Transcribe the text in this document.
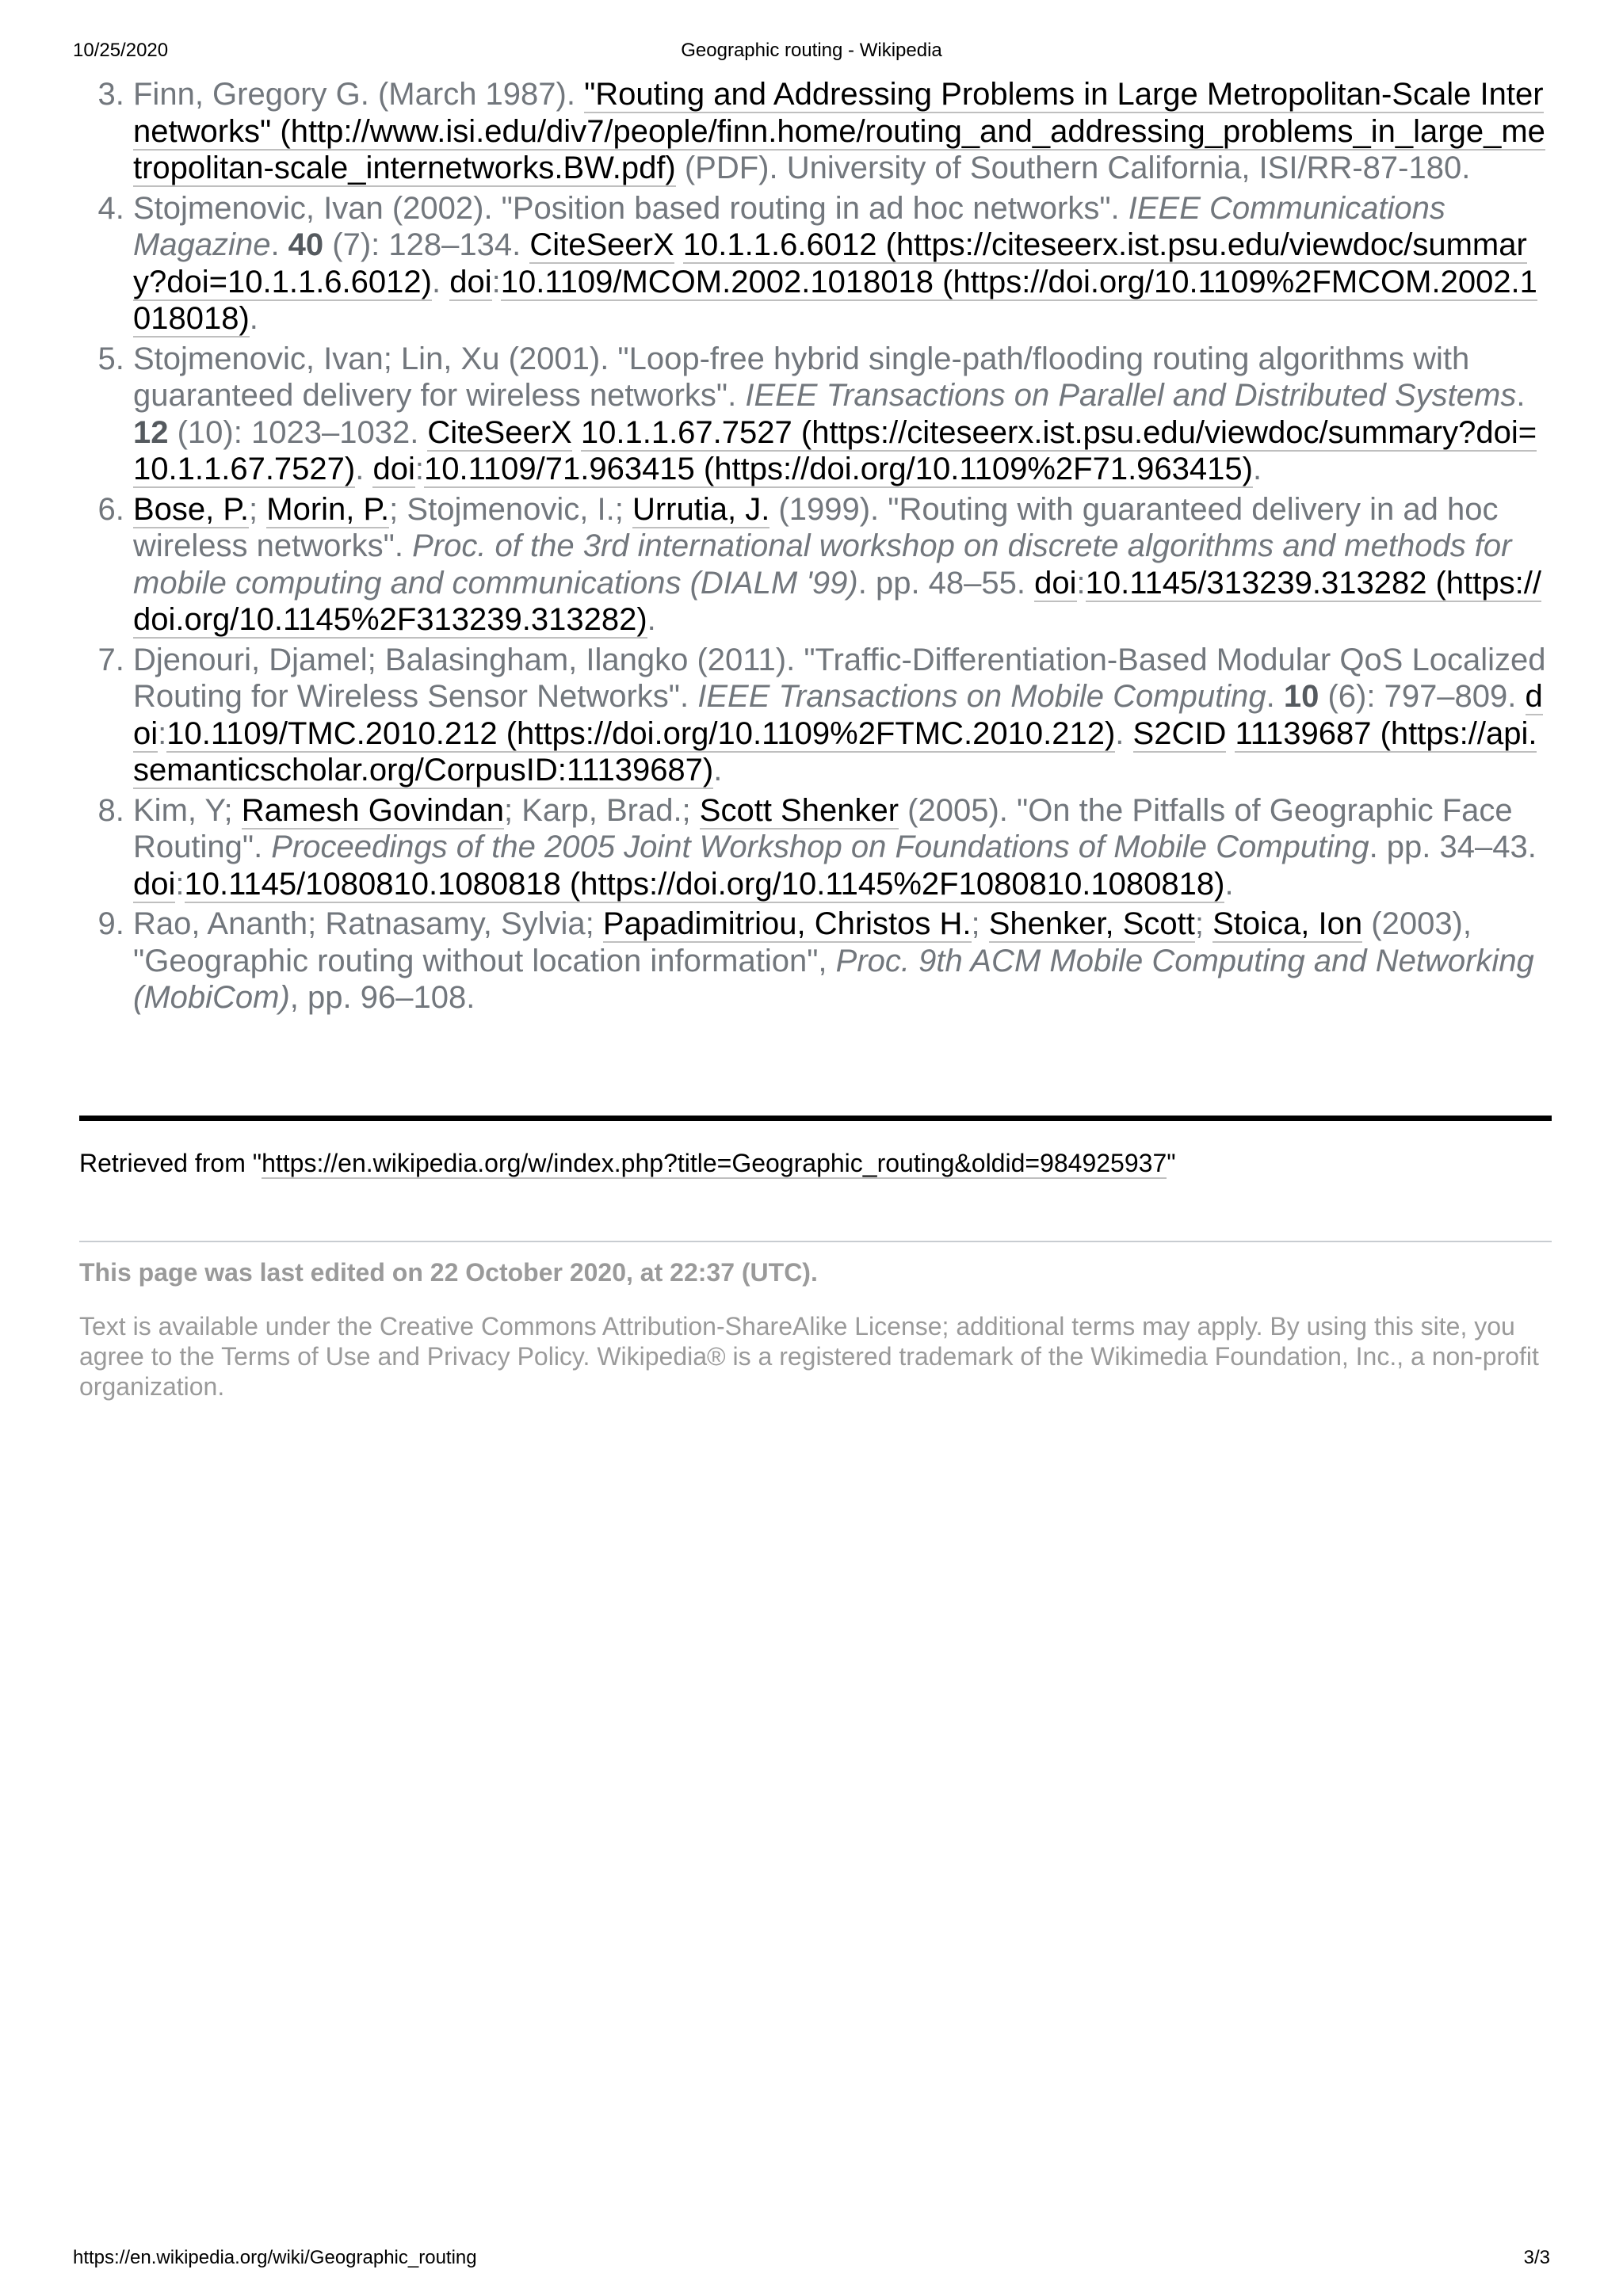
10/25/2020	Geographic routing - Wikipedia
3. Finn, Gregory G. (March 1987). "Routing and Addressing Problems in Large Metropolitan-Scale Internetworks" (http://www.isi.edu/div7/people/finn.home/routing_and_addressing_problems_in_large_metropolitan-scale_internetworks.BW.pdf) (PDF). University of Southern California, ISI/RR-87-180.
4. Stojmenovic, Ivan (2002). "Position based routing in ad hoc networks". IEEE Communications Magazine. 40 (7): 128–134. CiteSeerX 10.1.1.6.6012 (https://citeseerx.ist.psu.edu/viewdoc/summary?doi=10.1.1.6.6012). doi:10.1109/MCOM.2002.1018018 (https://doi.org/10.1109%2FMCOM.2002.1018018).
5. Stojmenovic, Ivan; Lin, Xu (2001). "Loop-free hybrid single-path/flooding routing algorithms with guaranteed delivery for wireless networks". IEEE Transactions on Parallel and Distributed Systems. 12 (10): 1023–1032. CiteSeerX 10.1.1.67.7527 (https://citeseerx.ist.psu.edu/viewdoc/summary?doi=10.1.1.67.7527). doi:10.1109/71.963415 (https://doi.org/10.1109%2F71.963415).
6. Bose, P.; Morin, P.; Stojmenovic, I.; Urrutia, J. (1999). "Routing with guaranteed delivery in ad hoc wireless networks". Proc. of the 3rd international workshop on discrete algorithms and methods for mobile computing and communications (DIALM '99). pp. 48–55. doi:10.1145/313239.313282 (https://doi.org/10.1145%2F313239.313282).
7. Djenouri, Djamel; Balasingham, Ilangko (2011). "Traffic-Differentiation-Based Modular QoS Localized Routing for Wireless Sensor Networks". IEEE Transactions on Mobile Computing. 10 (6): 797–809. doi:10.1109/TMC.2010.212 (https://doi.org/10.1109%2FTMC.2010.212). S2CID 11139687 (https://api.semanticscholar.org/CorpusID:11139687).
8. Kim, Y; Ramesh Govindan; Karp, Brad.; Scott Shenker (2005). "On the Pitfalls of Geographic Face Routing". Proceedings of the 2005 Joint Workshop on Foundations of Mobile Computing. pp. 34–43. doi:10.1145/1080810.1080818 (https://doi.org/10.1145%2F1080810.1080818).
9. Rao, Ananth; Ratnasamy, Sylvia; Papadimitriou, Christos H.; Shenker, Scott; Stoica, Ion (2003), "Geographic routing without location information", Proc. 9th ACM Mobile Computing and Networking (MobiCom), pp. 96–108.
Retrieved from "https://en.wikipedia.org/w/index.php?title=Geographic_routing&oldid=984925937"
This page was last edited on 22 October 2020, at 22:37 (UTC).
Text is available under the Creative Commons Attribution-ShareAlike License; additional terms may apply. By using this site, you agree to the Terms of Use and Privacy Policy. Wikipedia® is a registered trademark of the Wikimedia Foundation, Inc., a non-profit organization.
https://en.wikipedia.org/wiki/Geographic_routing	3/3
